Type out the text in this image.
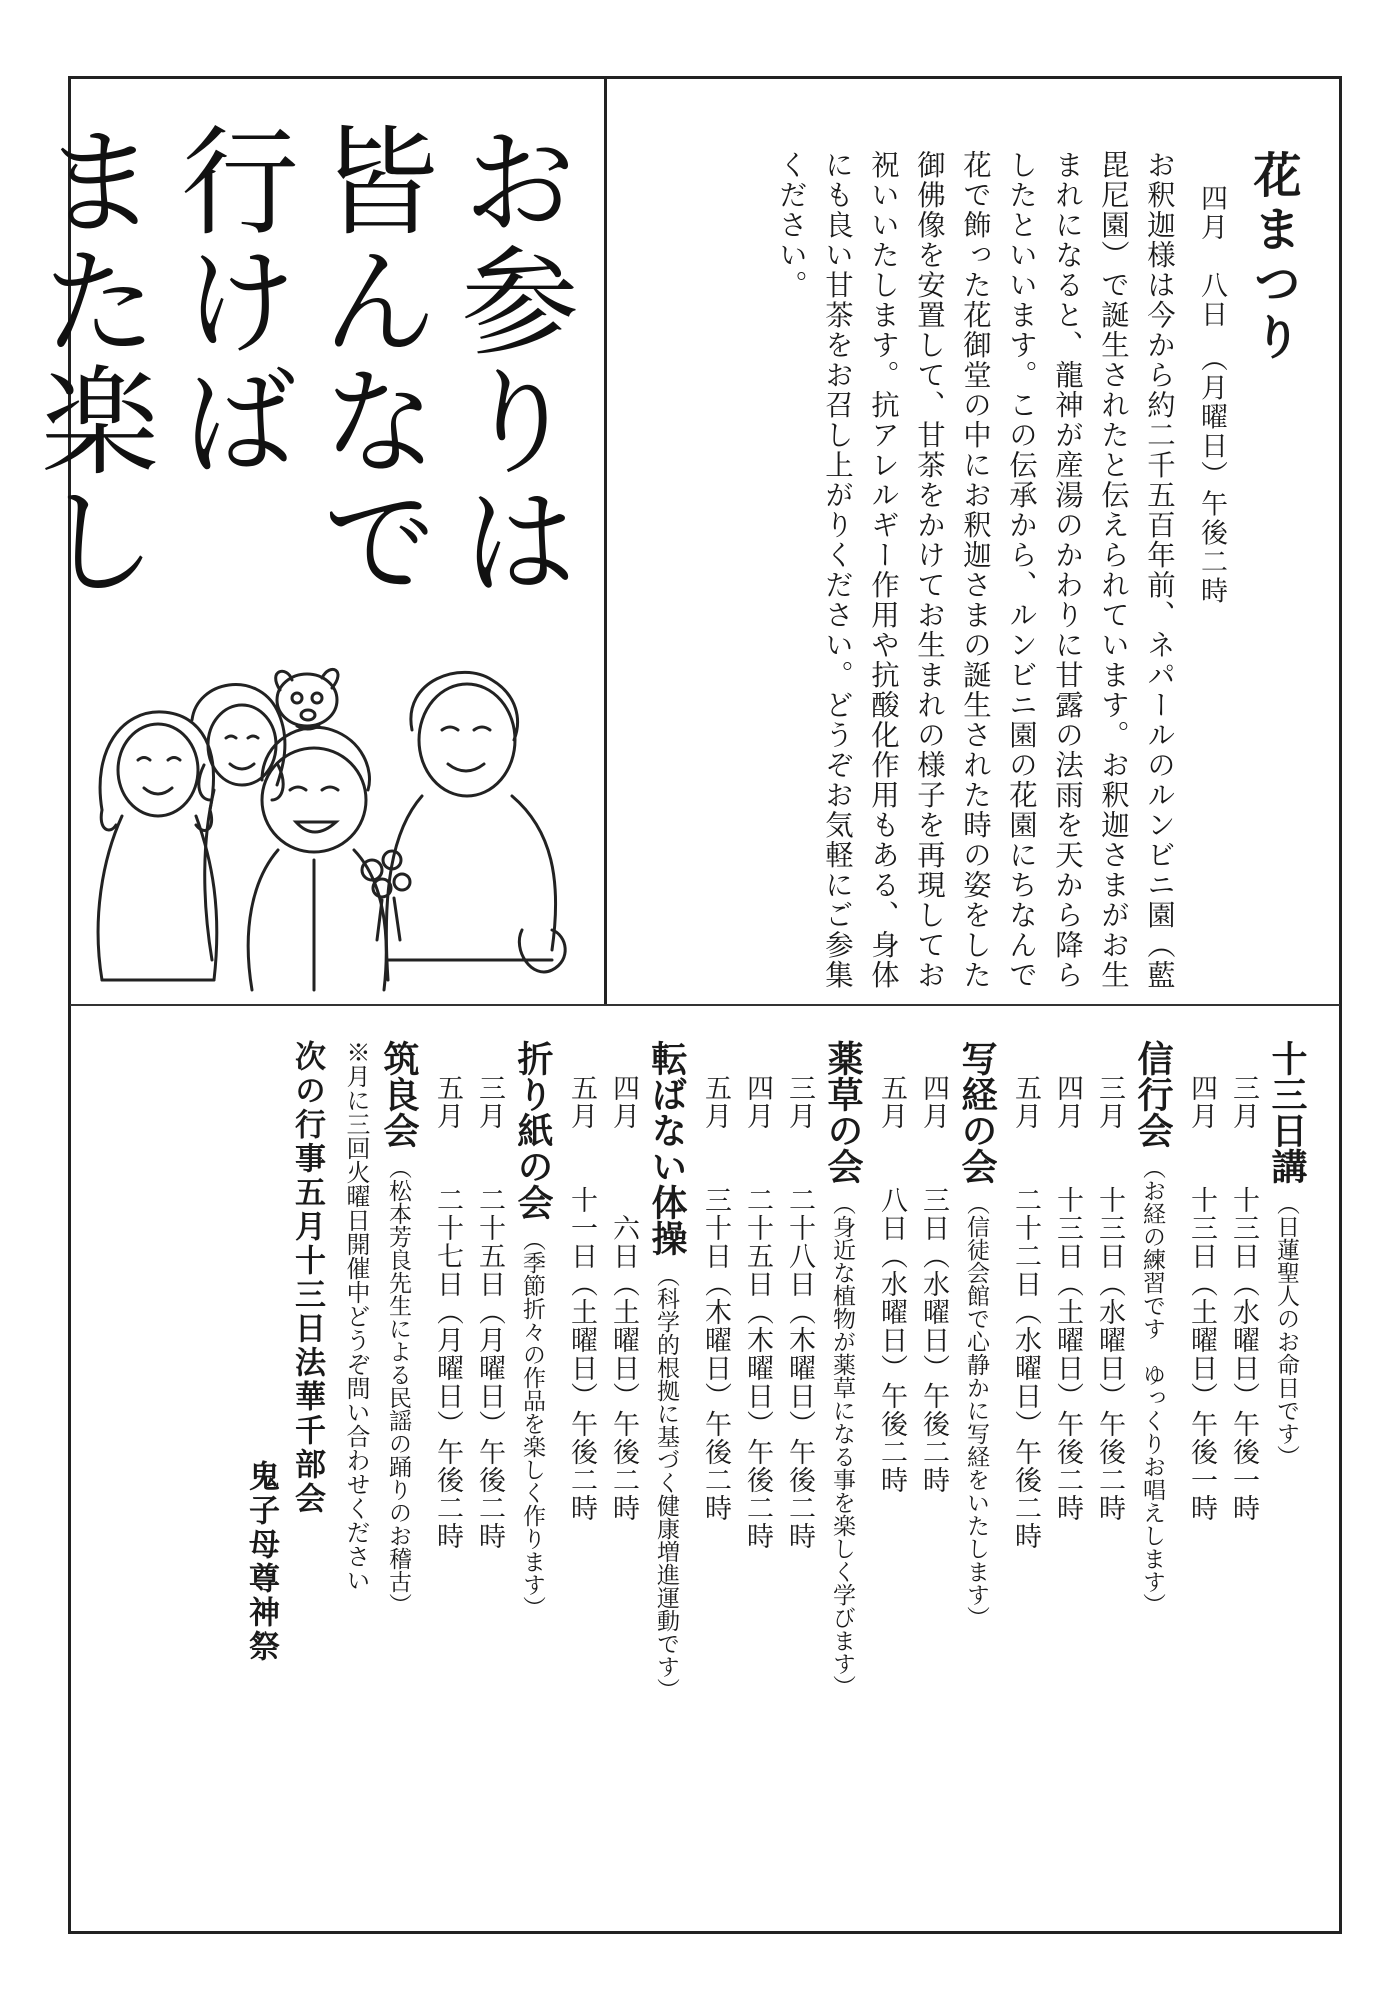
お参りは
皆んなで行けば
また楽し	花まつり
四月　八日　（月曜日）午後二時
お釈迦様は今から約二千五百年前、ネパールのルンビニ園（藍毘尼園）で誕生されたと伝えられています。お釈迦さまがお生まれになると、龍神が産湯のかわりに甘露の法雨を天から降らしたといいます。この伝承から、ルンビニ園の花園にちなんで花で飾った花御堂の中にお釈迦さまの誕生された時の姿をした御佛像を安置して、甘茶をかけてお生まれの様子を再現してお祝いいたします。抗アレルギー作用や抗酸化作用もある、身体にも良い甘茶をお召し上がりください。どうぞお気軽にご参集ください。
十三日講（日蓮聖人のお命日です）
三月　　十三日（水曜日）午後一時
四月　　十三日（土曜日）午後一時
信行会（お経の練習です　ゆっくりお唱えします）
三月　　十三日（水曜日）午後二時
四月　　十三日（土曜日）午後二時
五月　　二十二日（水曜日）午後二時
写経の会（信徒会館で心静かに写経をいたします）
四月　　三日（水曜日）午後二時
五月　　八日（水曜日）午後二時
薬草の会（身近な植物が薬草になる事を楽しく学びます）
三月　　二十八日（木曜日）午後二時
四月　　二十五日（木曜日）午後二時
五月　　三十日（木曜日）午後二時
転ばない体操（科学的根拠に基づく健康増進運動です）
四月　　　六日（土曜日）午後二時
五月　　十一日（土曜日）午後二時
折り紙の会（季節折々の作品を楽しく作ります）
三月　　二十五日（月曜日）午後二時
五月　　二十七日（月曜日）午後二時
筑良会（松本芳良先生による民謡の踊りのお稽古）
※月に三回火曜日開催中どうぞ問い合わせください
次の行事五月十三日法華千部会
鬼子母尊神祭
